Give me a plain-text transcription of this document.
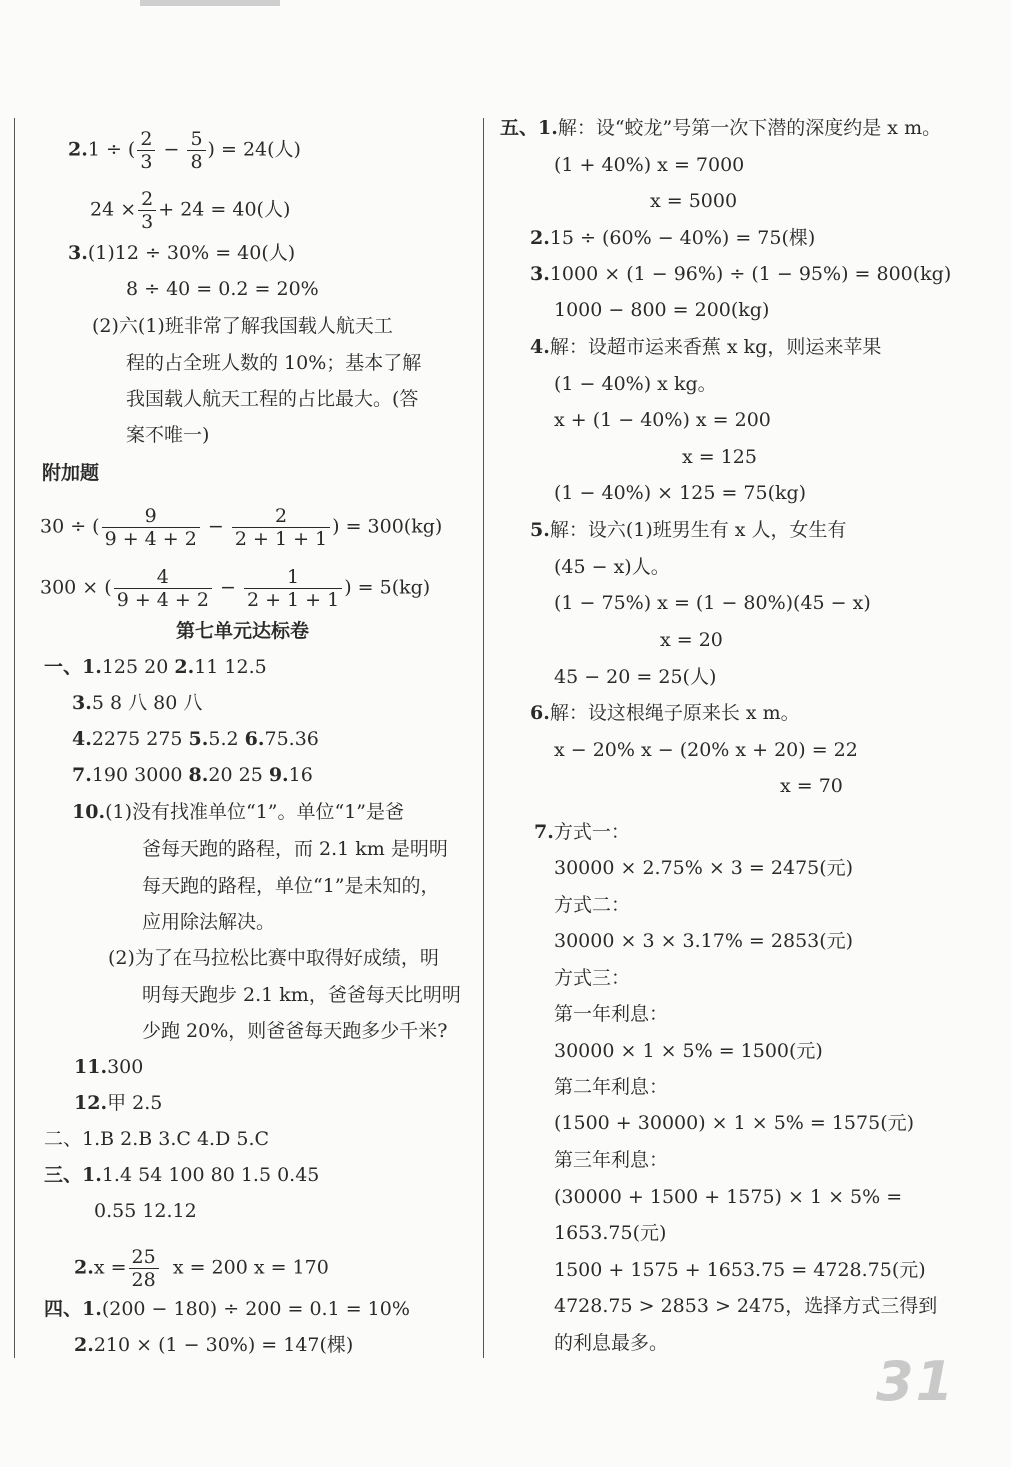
2.1 ÷ ( $\frac{2}{3} - \frac{5}{8}$ ) = 24(人)
$24 \times \frac{2}{3} + 24 = 40$(人)
3.(1)12 ÷ 30% = 40(人)
8 ÷ 40 = 0.2 = 20%
(2)六(1)班非常了解我国载人航天工
程的占全班人数的 10%；基本了解
我国载人航天工程的占比最大。(答
案不唯一)
附加题
30 ÷ ( $\frac{9}{9 + 4 + 2} - \frac{2}{2 + 1 + 1}$ ) = 300(kg)
300 × ( $\frac{4}{9 + 4 + 2} - \frac{1}{2 + 1 + 1}$ ) = 5(kg)
第七单元达标卷
一、1.125 20 2.11 12.5
3.5 8 八 80 八
4.2275 275 5.5.2 6.75.36
7.190 3000 8.20 25 9.16
10.(1)没有找准单位“1”。单位“1”是爸
爸每天跑的路程，而 2.1 km 是明明
每天跑的路程，单位“1”是未知的，
应用除法解决。
(2)为了在马拉松比赛中取得好成绩，明
明每天跑步 2.1 km，爸爸每天比明明
少跑 20%，则爸爸每天跑多少千米?
11.300
12.甲 2.5
二、1.B 2.B 3.C 4.D 5.C
三、1.1.4 54 100 80 1.5 0.45
0.55 12.12
$2.x = \frac{25}{28}$ x = 200 x = 170
四、1.(200 − 180) ÷ 200 = 0.1 = 10%
2.210 × (1 − 30%) = 147(棵)
五、1.解：设“蛟龙”号第一次下潜的深度约是 x m。
(1 + 40%) x = 7000
x = 5000
2.15 ÷ (60% − 40%) = 75(棵)
3.1000 × (1 − 96%) ÷ (1 − 95%) = 800(kg)
1000 − 800 = 200(kg)
4.解：设超市运来香蕉 x kg，则运来苹果
(1 − 40%) x kg。
x + (1 − 40%) x = 200
x = 125
(1 − 40%) × 125 = 75(kg)
5.解：设六(1)班男生有 x 人，女生有
(45 − x)人。
(1 − 75%) x = (1 − 80%)(45 − x)
x = 20
45 − 20 = 25(人)
6.解：设这根绳子原来长 x m。
x − 20% x − (20% x + 20) = 22
x = 70
7.方式一：
30000 × 2.75% × 3 = 2475(元)
方式二：
30000 × 3 × 3.17% = 2853(元)
方式三：
第一年利息：
30000 × 1 × 5% = 1500(元)
第二年利息：
(1500 + 30000) × 1 × 5% = 1575(元)
第三年利息：
(30000 + 1500 + 1575) × 1 × 5% =
1653.75(元)
1500 + 1575 + 1653.75 = 4728.75(元)
4728.75 > 2853 > 2475，选择方式三得到
的利息最多。
31
